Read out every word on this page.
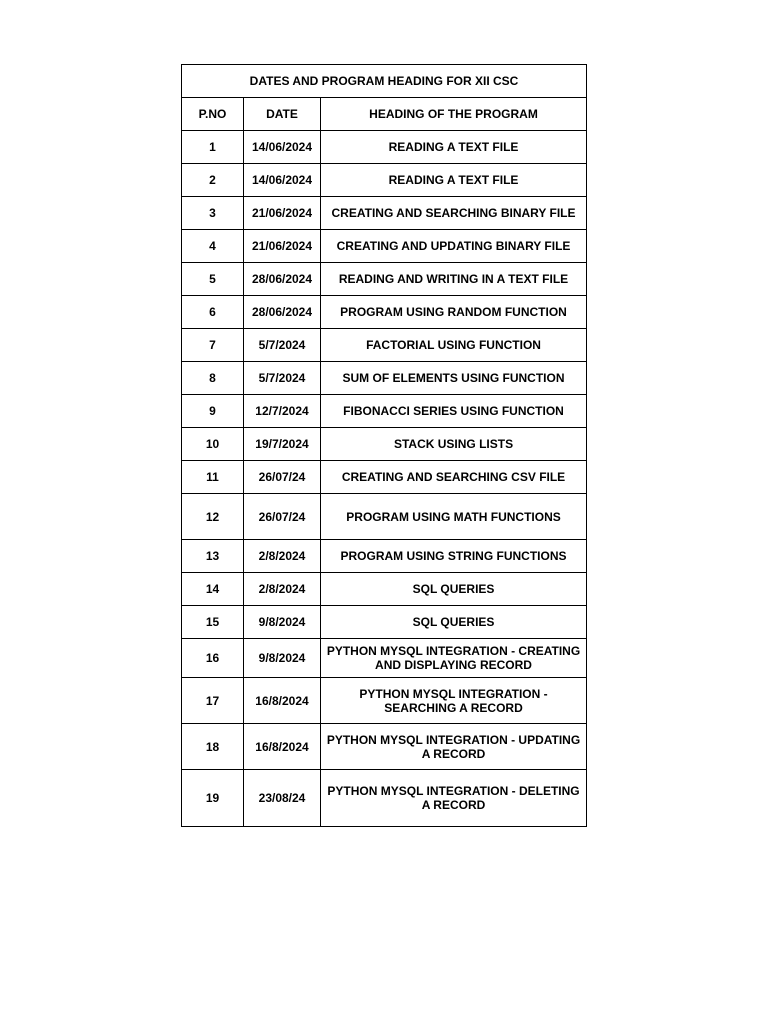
DATES AND PROGRAM HEADING FOR XII CSC		
P.NO	DATE	HEADING OF THE PROGRAM
1	14/06/2024	READING A TEXT FILE
2	14/06/2024	READING A TEXT FILE
3	21/06/2024	CREATING AND SEARCHING BINARY FILE
4	21/06/2024	CREATING AND UPDATING BINARY FILE
5	28/06/2024	READING AND WRITING IN A TEXT FILE
6	28/06/2024	PROGRAM USING RANDOM FUNCTION
7	5/7/2024	FACTORIAL USING FUNCTION
8	5/7/2024	SUM OF ELEMENTS USING FUNCTION
9	12/7/2024	FIBONACCI SERIES USING FUNCTION
10	19/7/2024	STACK USING LISTS
11	26/07/24	CREATING AND SEARCHING CSV FILE
12	26/07/24	PROGRAM USING MATH FUNCTIONS
13	2/8/2024	PROGRAM USING STRING FUNCTIONS
14	2/8/2024	SQL QUERIES
15	9/8/2024	SQL QUERIES
16	9/8/2024	PYTHON MYSQL INTEGRATION - CREATING AND DISPLAYING RECORD
17	16/8/2024	PYTHON MYSQL INTEGRATION - SEARCHING A RECORD
18	16/8/2024	PYTHON MYSQL INTEGRATION - UPDATING A RECORD
19	23/08/24	PYTHON MYSQL INTEGRATION - DELETING A RECORD
